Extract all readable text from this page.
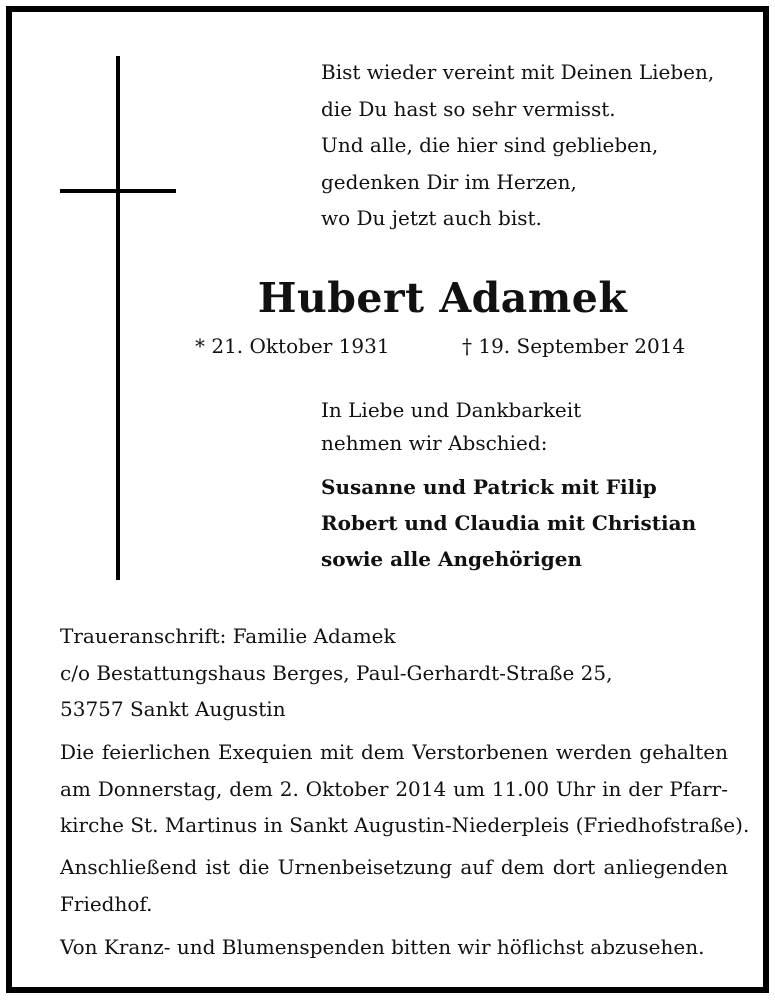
Bist wieder vereint mit Deinen Lieben,
die Du hast so sehr vermisst.
Und alle, die hier sind geblieben,
gedenken Dir im Herzen,
wo Du jetzt auch bist.
Hubert Adamek
* 21. Oktober 1931	† 19. September 2014
In Liebe und Dankbarkeit
nehmen wir Abschied:
Susanne und Patrick mit Filip
Robert und Claudia mit Christian
sowie alle Angehörigen
Traueranschrift: Familie Adamek
c/o Bestattungshaus Berges, Paul-Gerhardt-Straße 25,
53757 Sankt Augustin
Die feierlichen Exequien mit dem Verstorbenen werden gehalten
am Donnerstag, dem 2. Oktober 2014 um 11.00 Uhr in der Pfarr-
kirche St. Martinus in Sankt Augustin-Niederpleis (Friedhofstraße).
Anschließend ist die Urnenbeisetzung auf dem dort anliegenden
Friedhof.
Von Kranz- und Blumenspenden bitten wir höflichst abzusehen.
